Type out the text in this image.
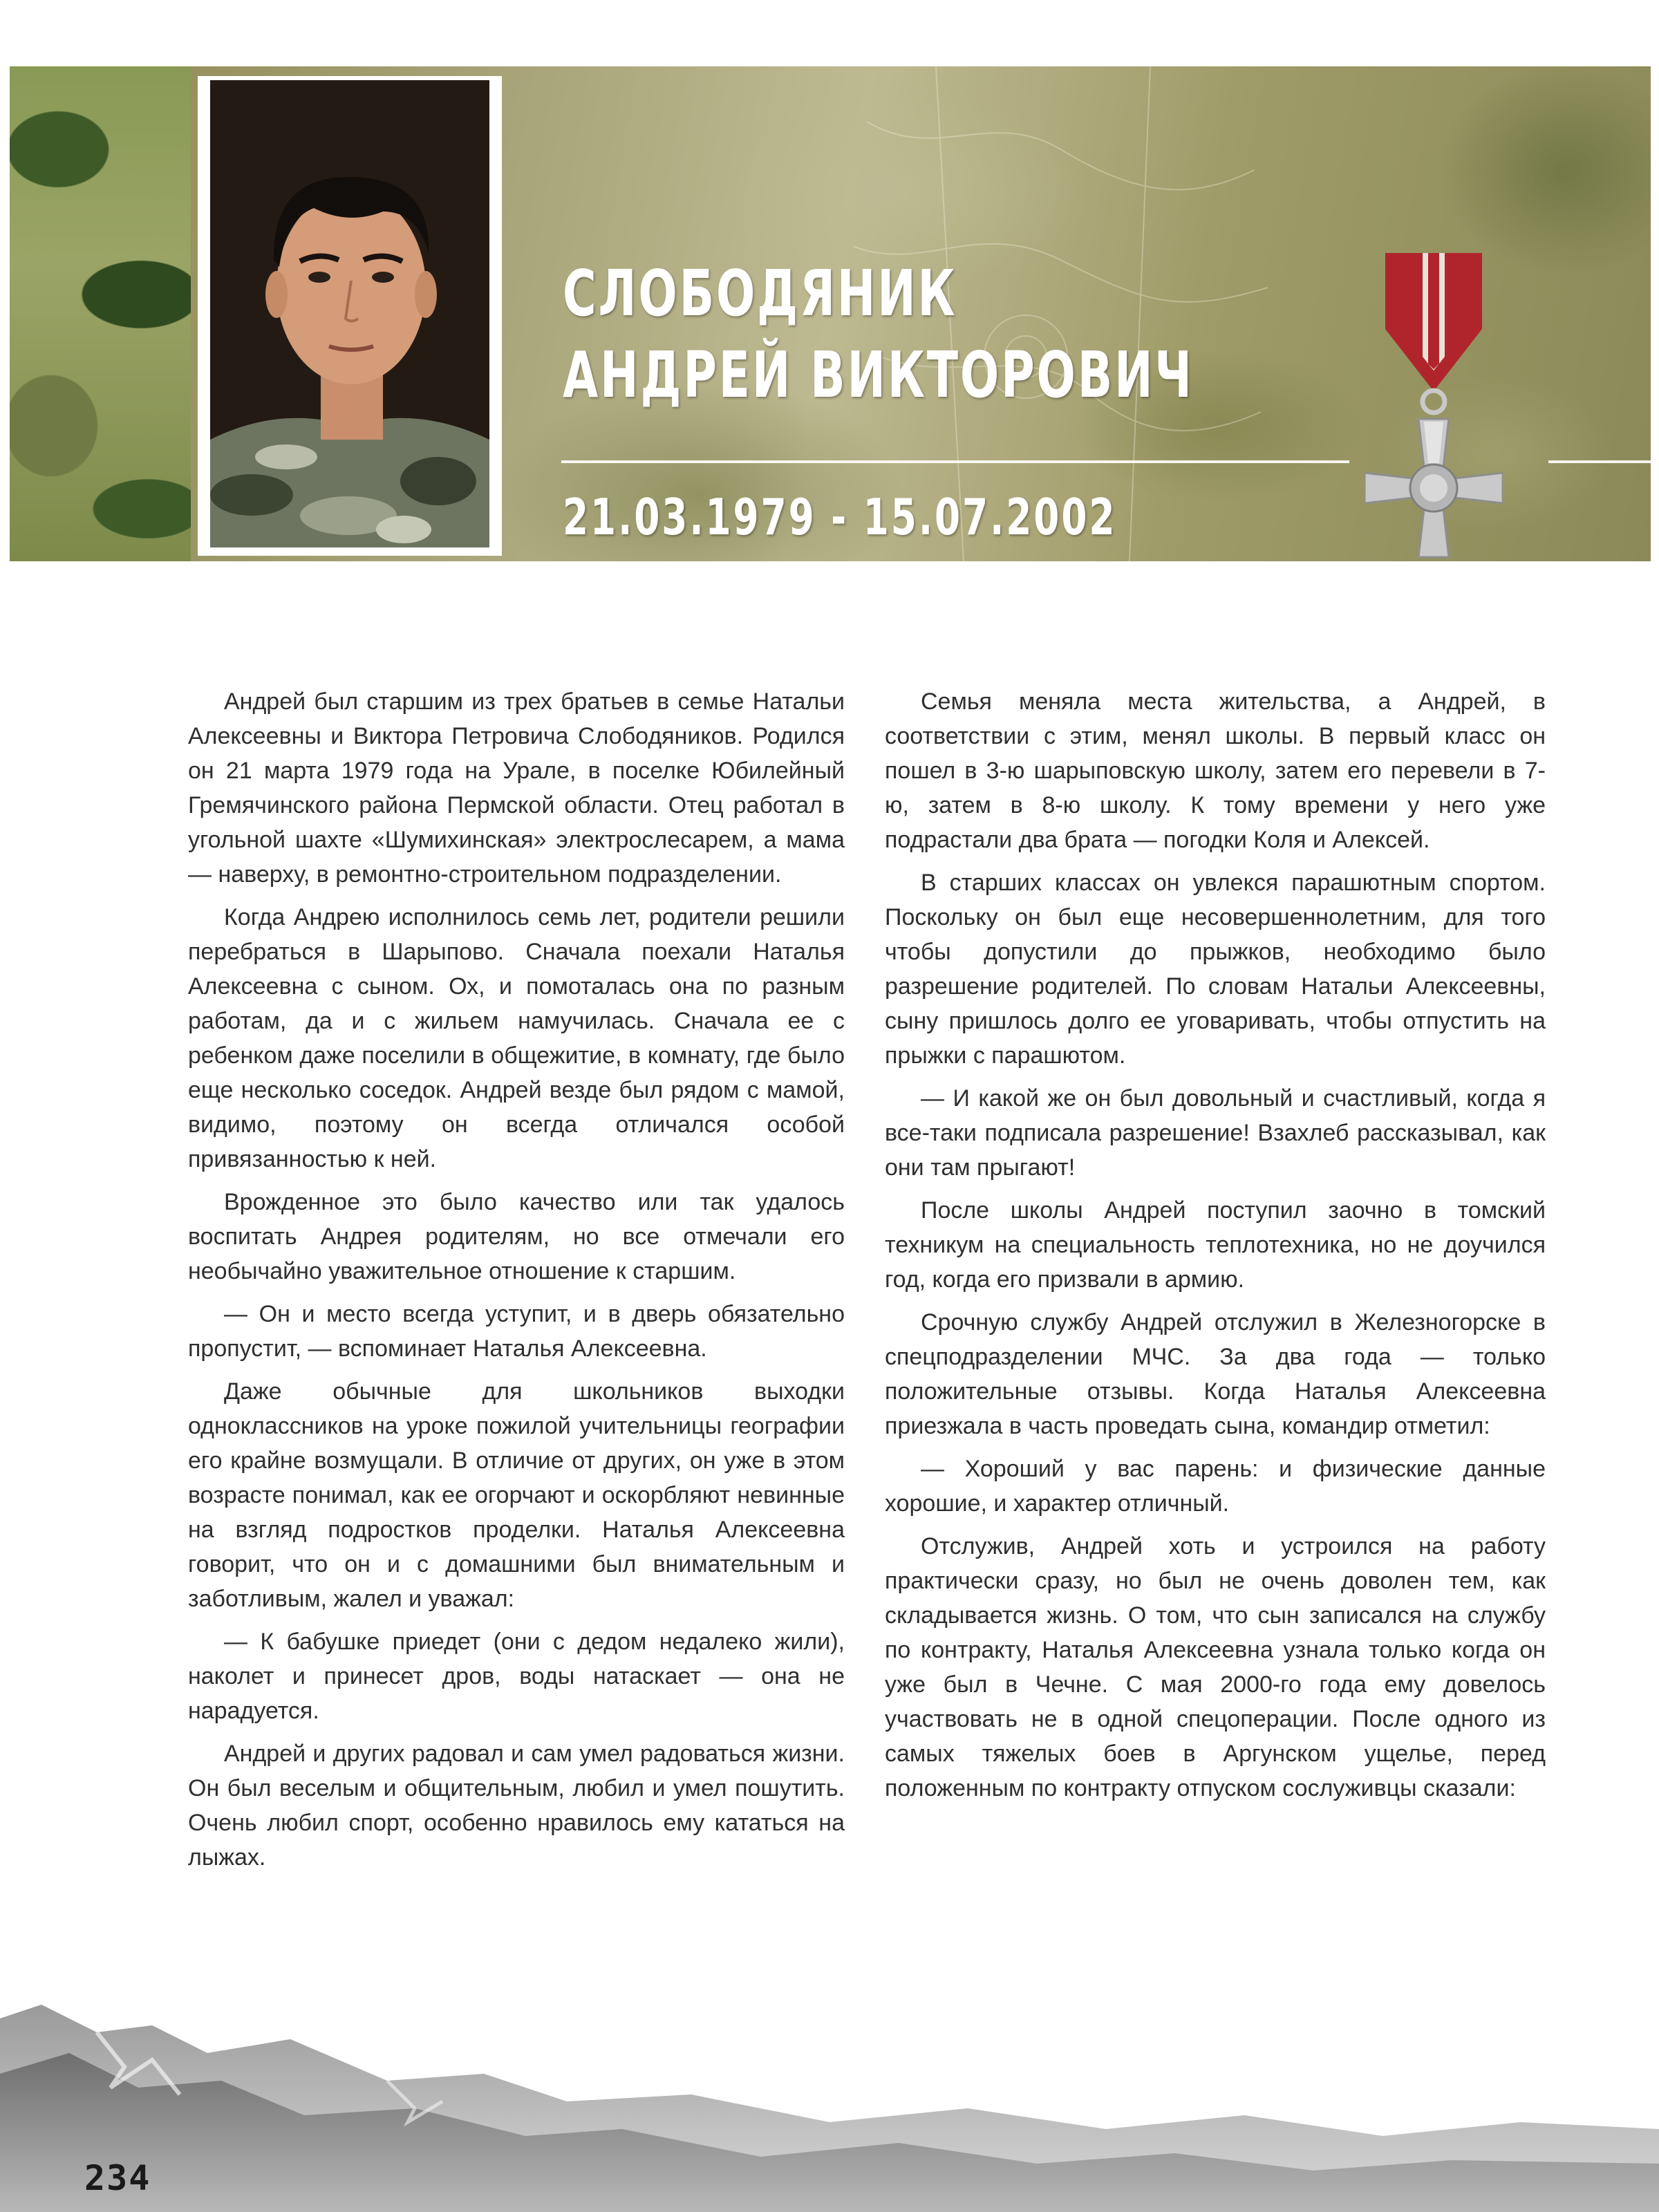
СЛОБОДЯНИК
АНДРЕЙ ВИКТОРОВИЧ
21.03.1979 - 15.07.2002

Андрей был старшим из трех братьев в семье Натальи Алексеевны и Виктора Петровича Слободяников. Родился он 21 марта 1979 года на Урале, в поселке Юбилейный Гремячинского района Пермской области. Отец работал в угольной шахте «Шумихинская» электрослесарем, а мама — наверху, в ремонтно-строительном подразделении.

Когда Андрею исполнилось семь лет, родители решили перебраться в Шарыпово. Сначала поехали Наталья Алексеевна с сыном. Ох, и помоталась она по разным работам, да и с жильем намучилась. Сначала ее с ребенком даже поселили в общежитие, в комнату, где было еще несколько соседок. Андрей везде был рядом с мамой, видимо, поэтому он всегда отличался особой привязанностью к ней.

Врожденное это было качество или так удалось воспитать Андрея родителям, но все отмечали его необычайно уважительное отношение к старшим.

— Он и место всегда уступит, и в дверь обязательно пропустит, — вспоминает Наталья Алексеевна.

Даже обычные для школьников выходки одноклассников на уроке пожилой учительницы географии его крайне возмущали. В отличие от других, он уже в этом возрасте понимал, как ее огорчают и оскорбляют невинные на взгляд подростков проделки. Наталья Алексеевна говорит, что он и с домашними был внимательным и заботливым, жалел и уважал:

— К бабушке приедет (они с дедом недалеко жили), наколет и принесет дров, воды натаскает — она не нарадуется.

Андрей и других радовал и сам умел радоваться жизни. Он был веселым и общительным, любил и умел пошутить. Очень любил спорт, особенно нравилось ему кататься на лыжах.

Семья меняла места жительства, а Андрей, в соответствии с этим, менял школы. В первый класс он пошел в 3-ю шарыповскую школу, затем его перевели в 7-ю, затем в 8-ю школу. К тому времени у него уже подрастали два брата — погодки Коля и Алексей.

В старших классах он увлекся парашютным спортом. Поскольку он был еще несовершеннолетним, для того чтобы допустили до прыжков, необходимо было разрешение родителей. По словам Натальи Алексеевны, сыну пришлось долго ее уговаривать, чтобы отпустить на прыжки с парашютом.

— И какой же он был довольный и счастливый, когда я все-таки подписала разрешение! Взахлеб рассказывал, как они там прыгают!

После школы Андрей поступил заочно в томский техникум на специальность теплотехника, но не доучился год, когда его призвали в армию.

Срочную службу Андрей отслужил в Железногорске в спецподразделении МЧС. За два года — только положительные отзывы. Когда Наталья Алексеевна приезжала в часть проведать сына, командир отметил:

— Хороший у вас парень: и физические данные хорошие, и характер отличный.

Отслужив, Андрей хоть и устроился на работу практически сразу, но был не очень доволен тем, как складывается жизнь. О том, что сын записался на службу по контракту, Наталья Алексеевна узнала только когда он уже был в Чечне. С мая 2000-го года ему довелось участвовать не в одной спецоперации. После одного из самых тяжелых боев в Аргунском ущелье, перед положенным по контракту отпуском сослуживцы сказали:

234
